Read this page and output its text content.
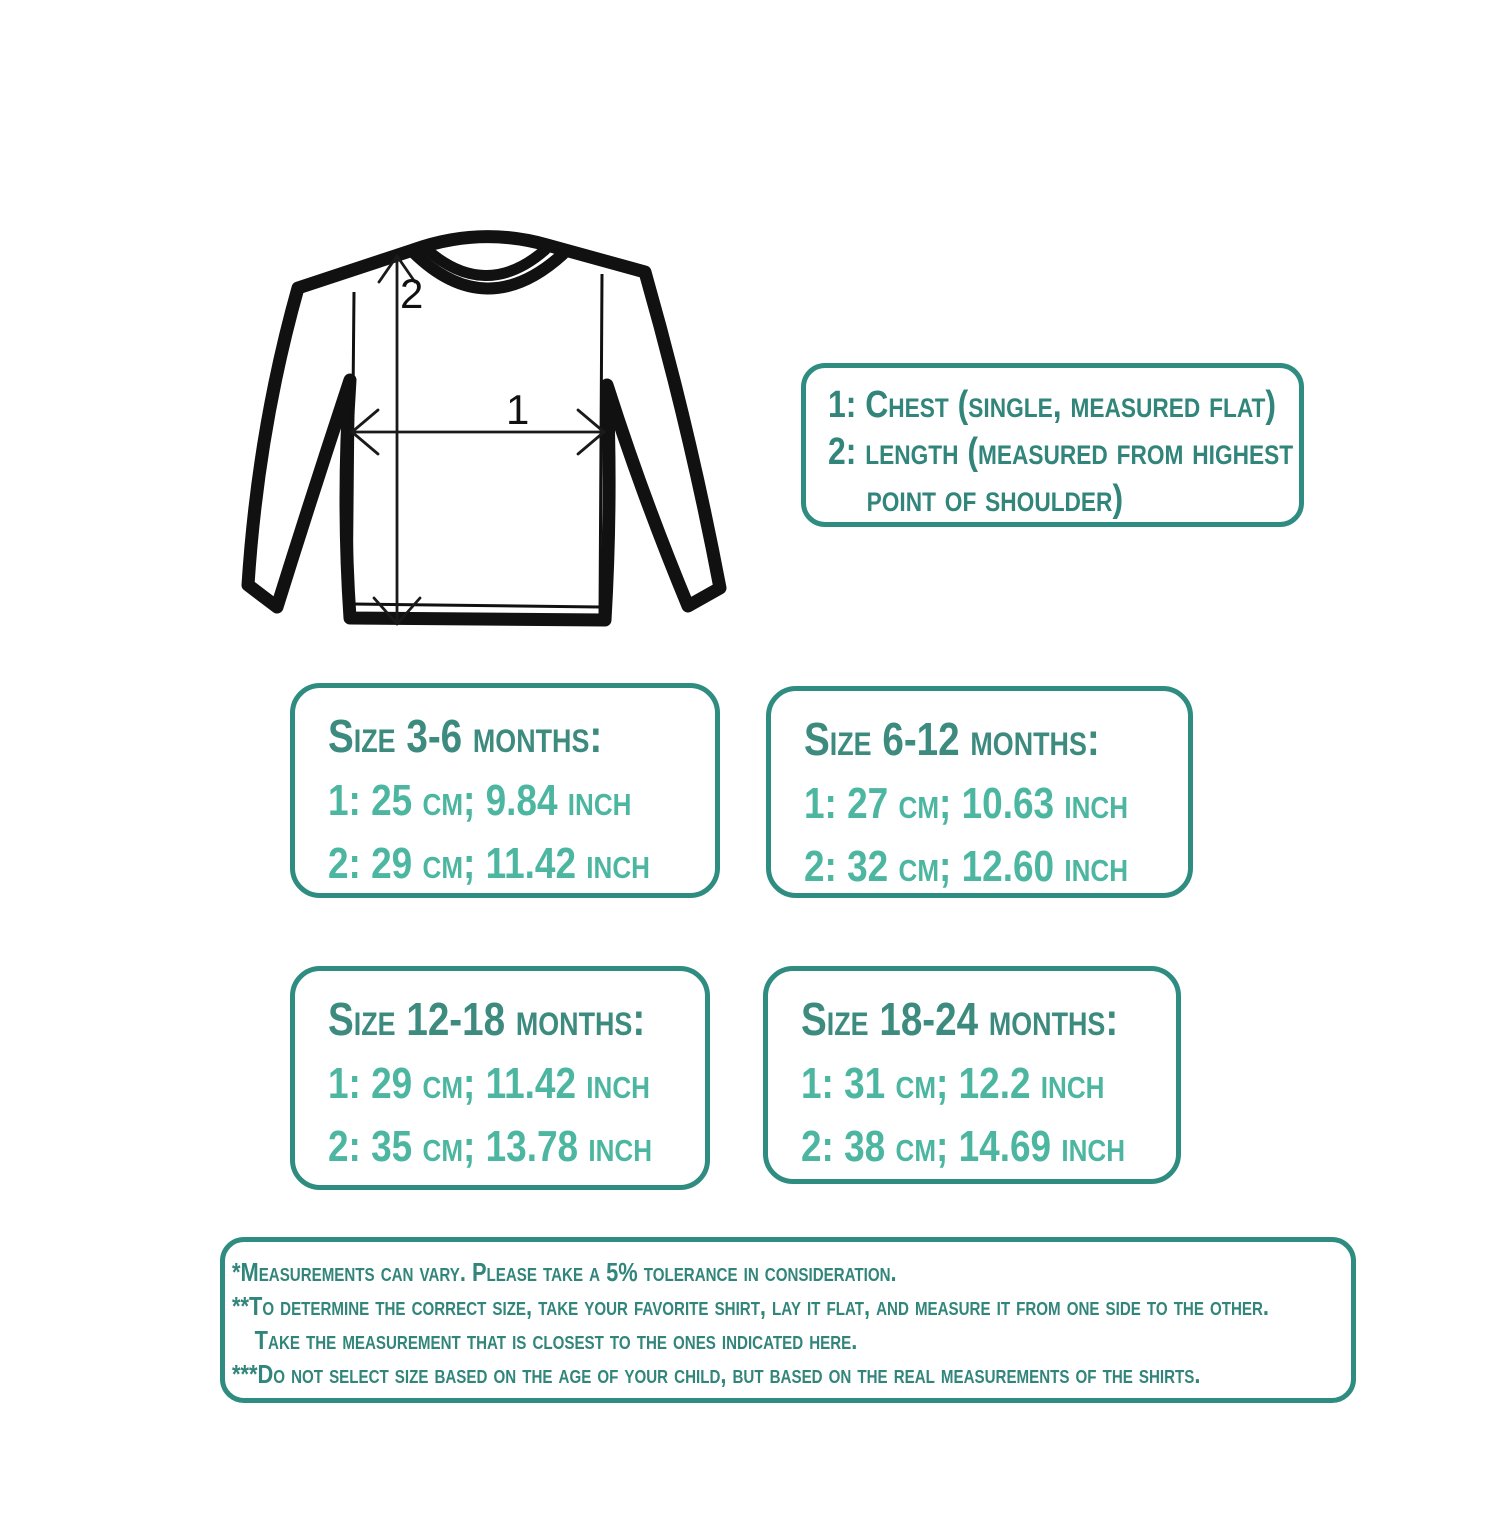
1
2
1: Chest (single, measured flat)
2: length (measured from highest
point of shoulder)
Size 3-6 months:
1: 25 cm; 9.84 inch
2: 29 cm; 11.42 inch
Size 6-12 months:
1: 27 cm; 10.63 inch
2: 32 cm; 12.60 inch
Size 12-18 months:
1: 29 cm; 11.42 inch
2: 35 cm; 13.78 inch
Size 18-24 months:
1: 31 cm; 12.2 inch
2: 38 cm; 14.69 inch
*Measurements can vary. Please take a 5% tolerance in consideration.
**To determine the correct size, take your favorite shirt, lay it flat, and measure it from one side to the other.
Take the measurement that is closest to the ones indicated here.
***Do not select size based on the age of your child, but based on the real measurements of the shirts.
